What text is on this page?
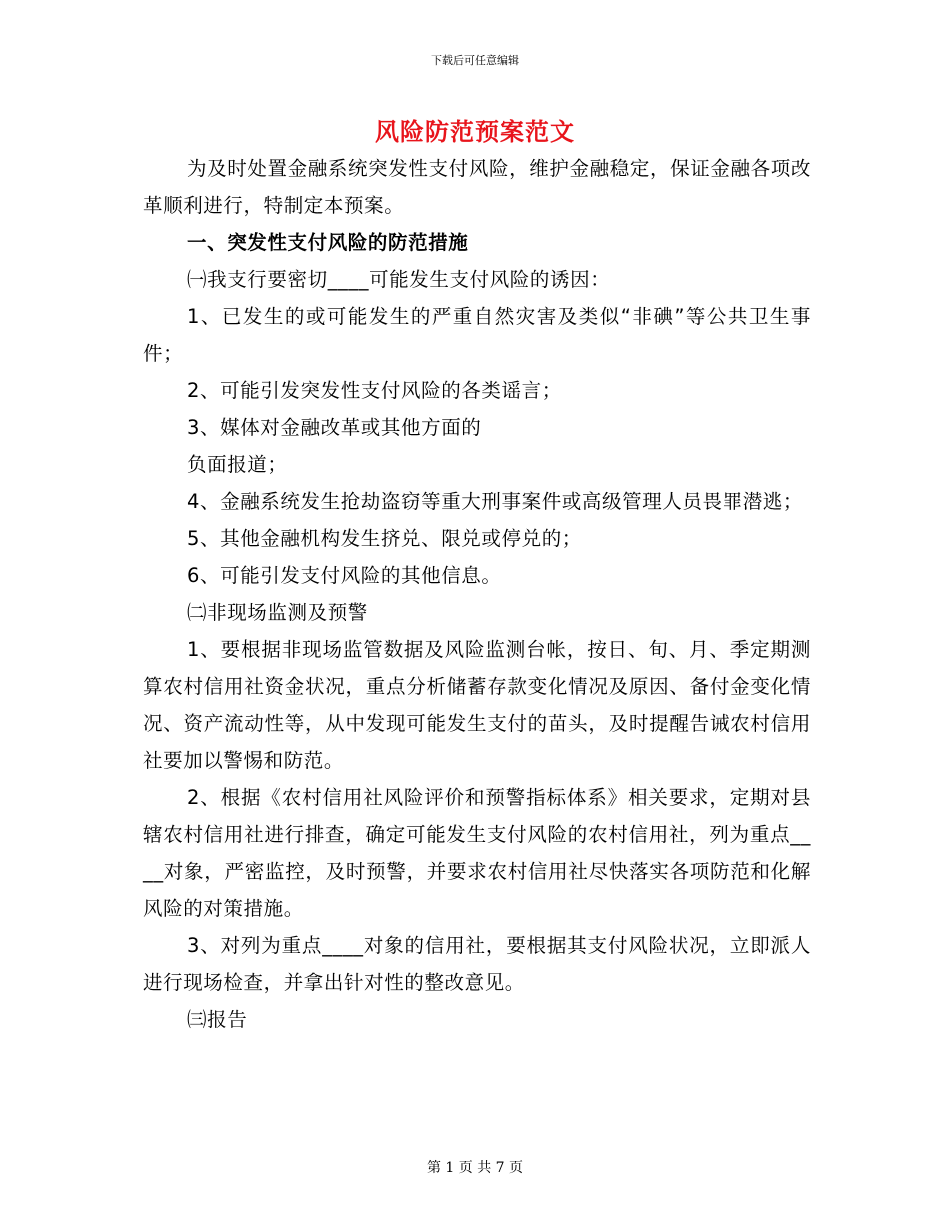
下载后可任意编辑
风险防范预案范文

为及时处置金融系统突发性支付风险，维护金融稳定，保证金融各项改革顺利进行，特制定本预案。

一、突发性支付风险的防范措施

㈠我支行要密切____可能发生支付风险的诱因：

1、已发生的或可能发生的严重自然灾害及类似“非碘”等公共卫生事件；

2、可能引发突发性支付风险的各类谣言；

3、媒体对金融改革或其他方面的

负面报道；

4、金融系统发生抢劫盗窃等重大刑事案件或高级管理人员畏罪潜逃；

5、其他金融机构发生挤兑、限兑或停兑的；

6、可能引发支付风险的其他信息。

㈡非现场监测及预警

1、要根据非现场监管数据及风险监测台帐，按日、旬、月、季定期测算农村信用社资金状况，重点分析储蓄存款变化情况及原因、备付金变化情况、资产流动性等，从中发现可能发生支付的苗头，及时提醒告诫农村信用社要加以警惕和防范。

2、根据《农村信用社风险评价和预警指标体系》相关要求，定期对县辖农村信用社进行排查，确定可能发生支付风险的农村信用社，列为重点____对象，严密监控，及时预警，并要求农村信用社尽快落实各项防范和化解风险的对策措施。

3、对列为重点____对象的信用社，要根据其支付风险状况，立即派人进行现场检查，并拿出针对性的整改意见。

㈢报告

第 1 页 共 7 页
